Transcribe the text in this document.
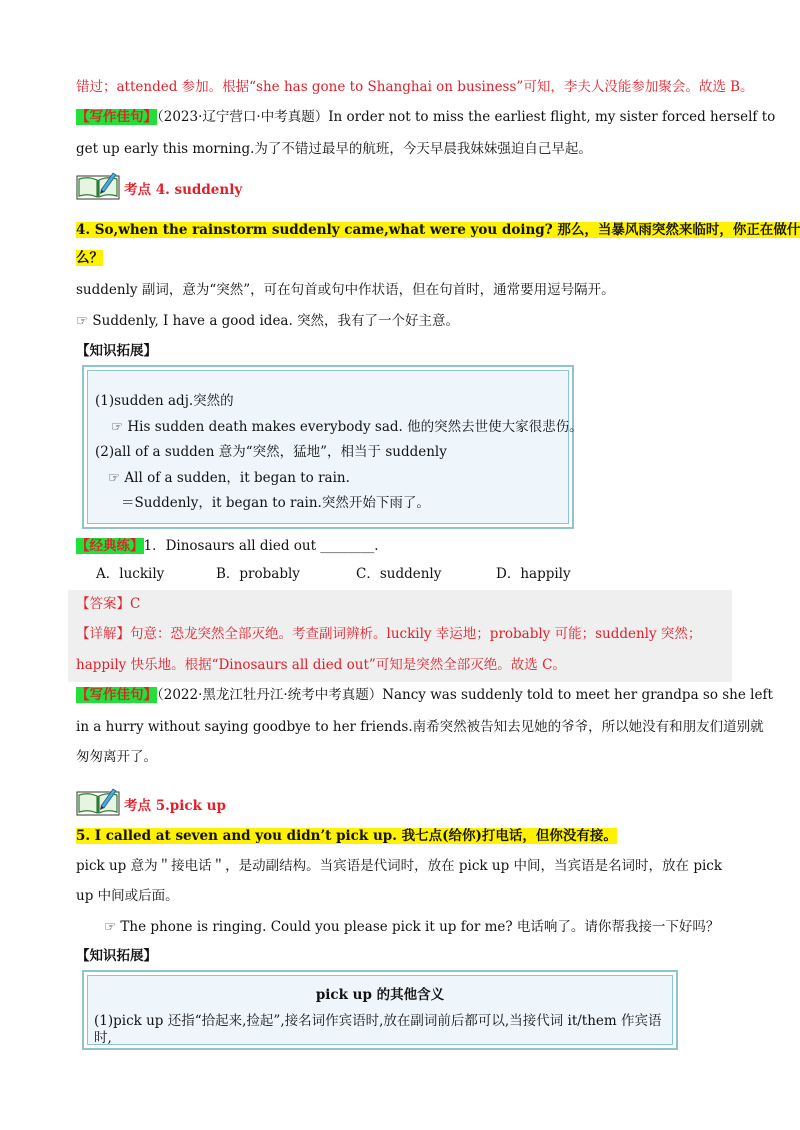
错过；attended 参加。根据“she has gone to Shanghai on business”可知，李夫人没能参加聚会。故选 B。
【写作佳句】（2023·辽宁营口·中考真题）In order not to miss the earliest flight, my sister forced herself to
get up early this morning.为了不错过最早的航班，今天早晨我妹妹强迫自己早起。
考点 4. suddenly
4. So,when the rainstorm suddenly came,what were you doing? 那么，当暴风雨突然来临时，你正在做什
么？
suddenly 副词，意为“突然”，可在句首或句中作状语，但在句首时，通常要用逗号隔开。
☞ Suddenly, I have a good idea. 突然，我有了一个好主意。
【知识拓展】
(1)sudden adj.突然的
☞ His sudden death makes everybody sad. 他的突然去世使大家很悲伤。
(2)all of a sudden 意为“突然，猛地”，相当于 suddenly
☞ All of a sudden，it began to rain.
＝Suddenly，it began to rain.突然开始下雨了。
【经典练】1．Dinosaurs all died out ________.
A．luckily	B．probably	C．suddenly	D．happily
【答案】C
【详解】句意：恐龙突然全部灭绝。考查副词辨析。luckily 幸运地；probably 可能；suddenly 突然；
happily 快乐地。根据“Dinosaurs all died out”可知是突然全部灭绝。故选 C。
【写作佳句】（2022·黑龙江牡丹江·统考中考真题）Nancy was suddenly told to meet her grandpa so she left
in a hurry without saying goodbye to her friends.南希突然被告知去见她的爷爷，所以她没有和朋友们道别就
匆匆离开了。
考点 5.pick up
5. I called at seven and you didn’t pick up. 我七点(给你)打电话，但你没有接。
pick up 意为＂接电话＂，是动副结构。当宾语是代词时，放在 pick up 中间，当宾语是名词时，放在 pick
up 中间或后面。
☞ The phone is ringing. Could you please pick it up for me? 电话响了。请你帮我接一下好吗？
【知识拓展】
pick up 的其他含义
(1)pick up 还指“拾起来,捡起”,接名词作宾语时,放在副词前后都可以,当接代词 it/them 作宾语
时,
